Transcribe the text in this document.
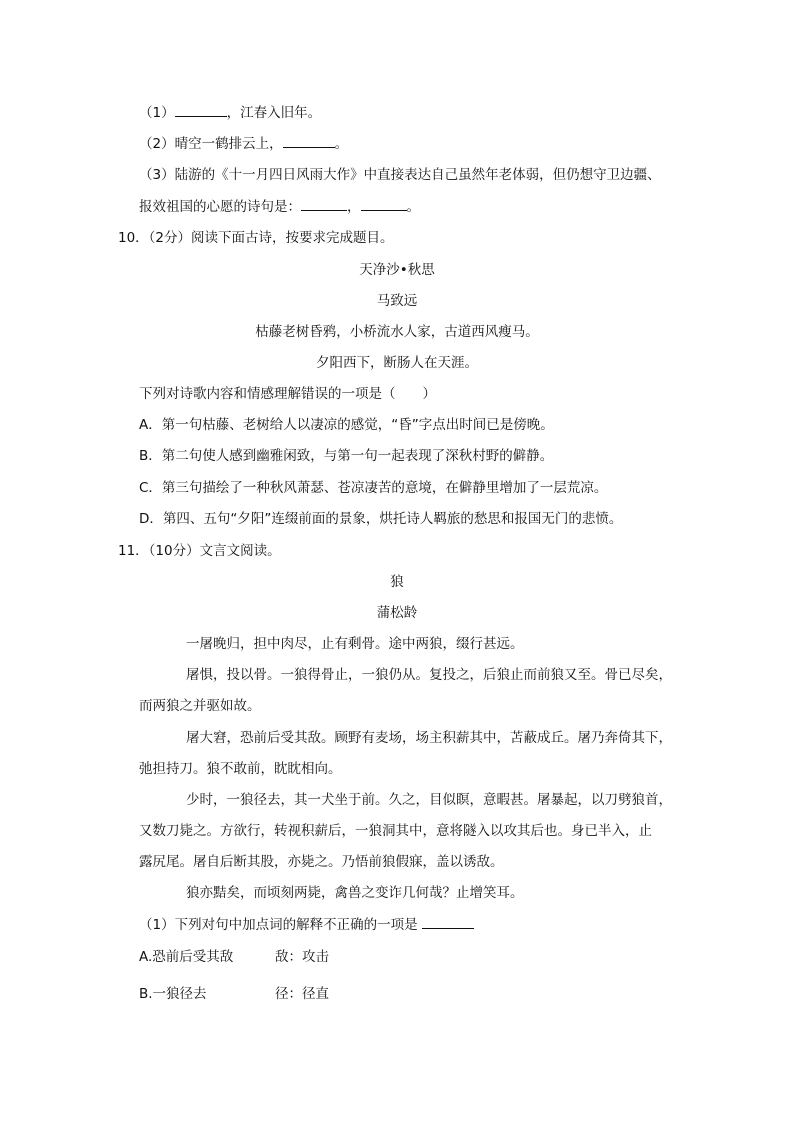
（1）	，江春入旧年。
（2）晴空一鹤排云上，	。
（3）陆游的《十一月四日风雨大作》中直接表达自己虽然年老体弱，但仍想守卫边疆、
报效祖国的心愿的诗句是：	，	。
10．（2分）阅读下面古诗，按要求完成题目。
天净沙•秋思
马致远
枯藤老树昏鸦，小桥流水人家，古道西风瘦马。
夕阳西下，断肠人在天涯。
下列对诗歌内容和情感理解错误的一项是（　　）
A．第一句枯藤、老树给人以凄凉的感觉，“昏”字点出时间已是傍晚。
B．第二句使人感到幽雅闲致，与第一句一起表现了深秋村野的僻静。
C．第三句描绘了一种秋风萧瑟、苍凉凄苦的意境，在僻静里增加了一层荒凉。
D．第四、五句“夕阳”连缀前面的景象，烘托诗人羁旅的愁思和报国无门的悲愤。
11．（10分）文言文阅读。
狼
蒲松龄
一屠晚归，担中肉尽，止有剩骨。途中两狼，缀行甚远。
屠惧，投以骨。一狼得骨止，一狼仍从。复投之，后狼止而前狼又至。骨已尽矣，
而两狼之并驱如故。
屠大窘，恐前后受其敌。顾野有麦场，场主积薪其中，苫蔽成丘。屠乃奔倚其下，
弛担持刀。狼不敢前，眈眈相向。
少时，一狼径去，其一犬坐于前。久之，目似瞑，意暇甚。屠暴起，以刀劈狼首，
又数刀毙之。方欲行，转视积薪后，一狼洞其中，意将隧入以攻其后也。身已半入，止
露尻尾。屠自后断其股，亦毙之。乃悟前狼假寐，盖以诱敌。
狼亦黠矣，而顷刻两毙，禽兽之变诈几何哉？止增笑耳。
（1）下列对句中加点词的解释不正确的一项是
A.恐前后受其敌	敌：攻击
B.一狼径去	径：径直
